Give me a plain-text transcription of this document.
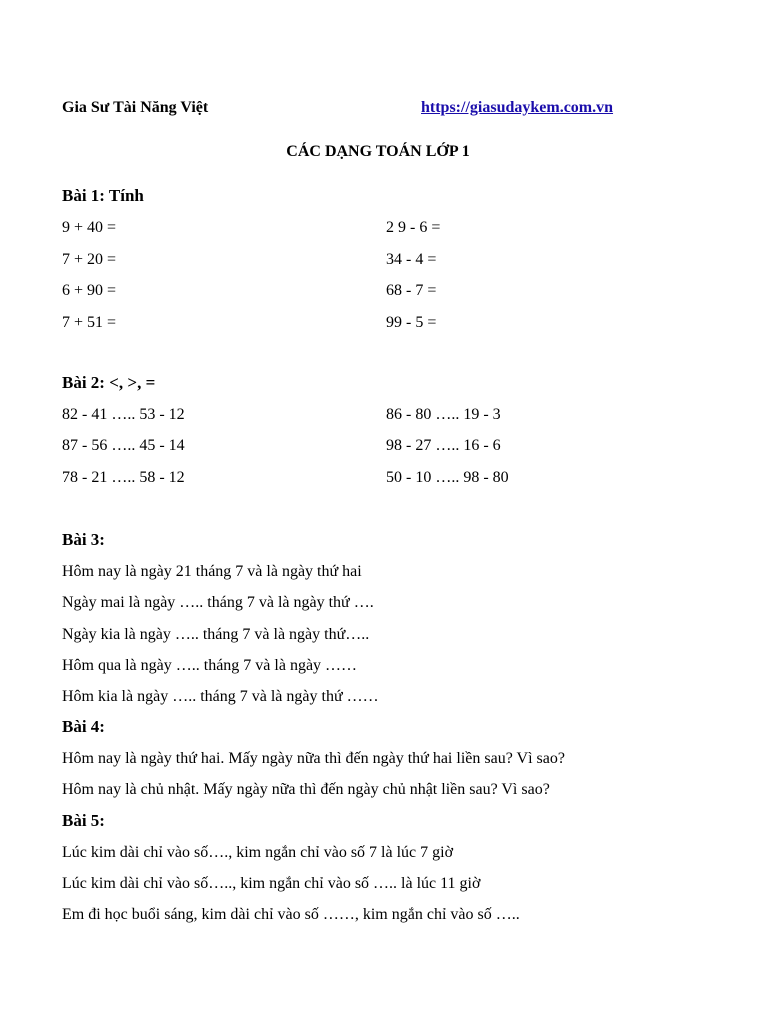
Gia Sư Tài Năng Việt	https://giasudaykem.com.vn
CÁC DẠNG TOÁN LỚP 1
Bài 1: Tính
9 + 40 =
7 + 20 =
6 + 90 =
7 + 51 =
2 9 - 6 =
34 - 4 =
68 - 7 =
99 - 5 =
Bài 2: <, >, =
82 - 41 ….. 53 - 12
87 - 56 ….. 45 - 14
78 - 21 ….. 58 - 12
86 - 80 ….. 19 - 3
98 - 27 ….. 16 - 6
50 - 10 ….. 98 - 80
Bài 3:
Hôm nay là ngày 21 tháng 7 và là ngày thứ hai
Ngày mai là ngày ….. tháng 7 và là ngày thứ ….
Ngày kia là ngày ….. tháng 7 và là ngày thứ…..
Hôm qua là ngày ….. tháng 7 và là ngày ……
Hôm kia là ngày ….. tháng 7 và là ngày thứ ……
Bài 4:
Hôm nay là ngày thứ hai. Mấy ngày nữa thì đến ngày thứ hai liền sau? Vì sao?
Hôm nay là chủ nhật. Mấy ngày nữa thì đến ngày chủ nhật liền sau? Vì sao?
Bài 5:
Lúc kim dài chỉ vào số…., kim ngắn chỉ vào số 7 là lúc 7 giờ
Lúc kim dài chỉ vào số….., kim ngắn chỉ vào số ….. là lúc 11 giờ
Em đi học buổi sáng, kim dài chỉ vào số ……, kim ngắn chỉ vào số …..
